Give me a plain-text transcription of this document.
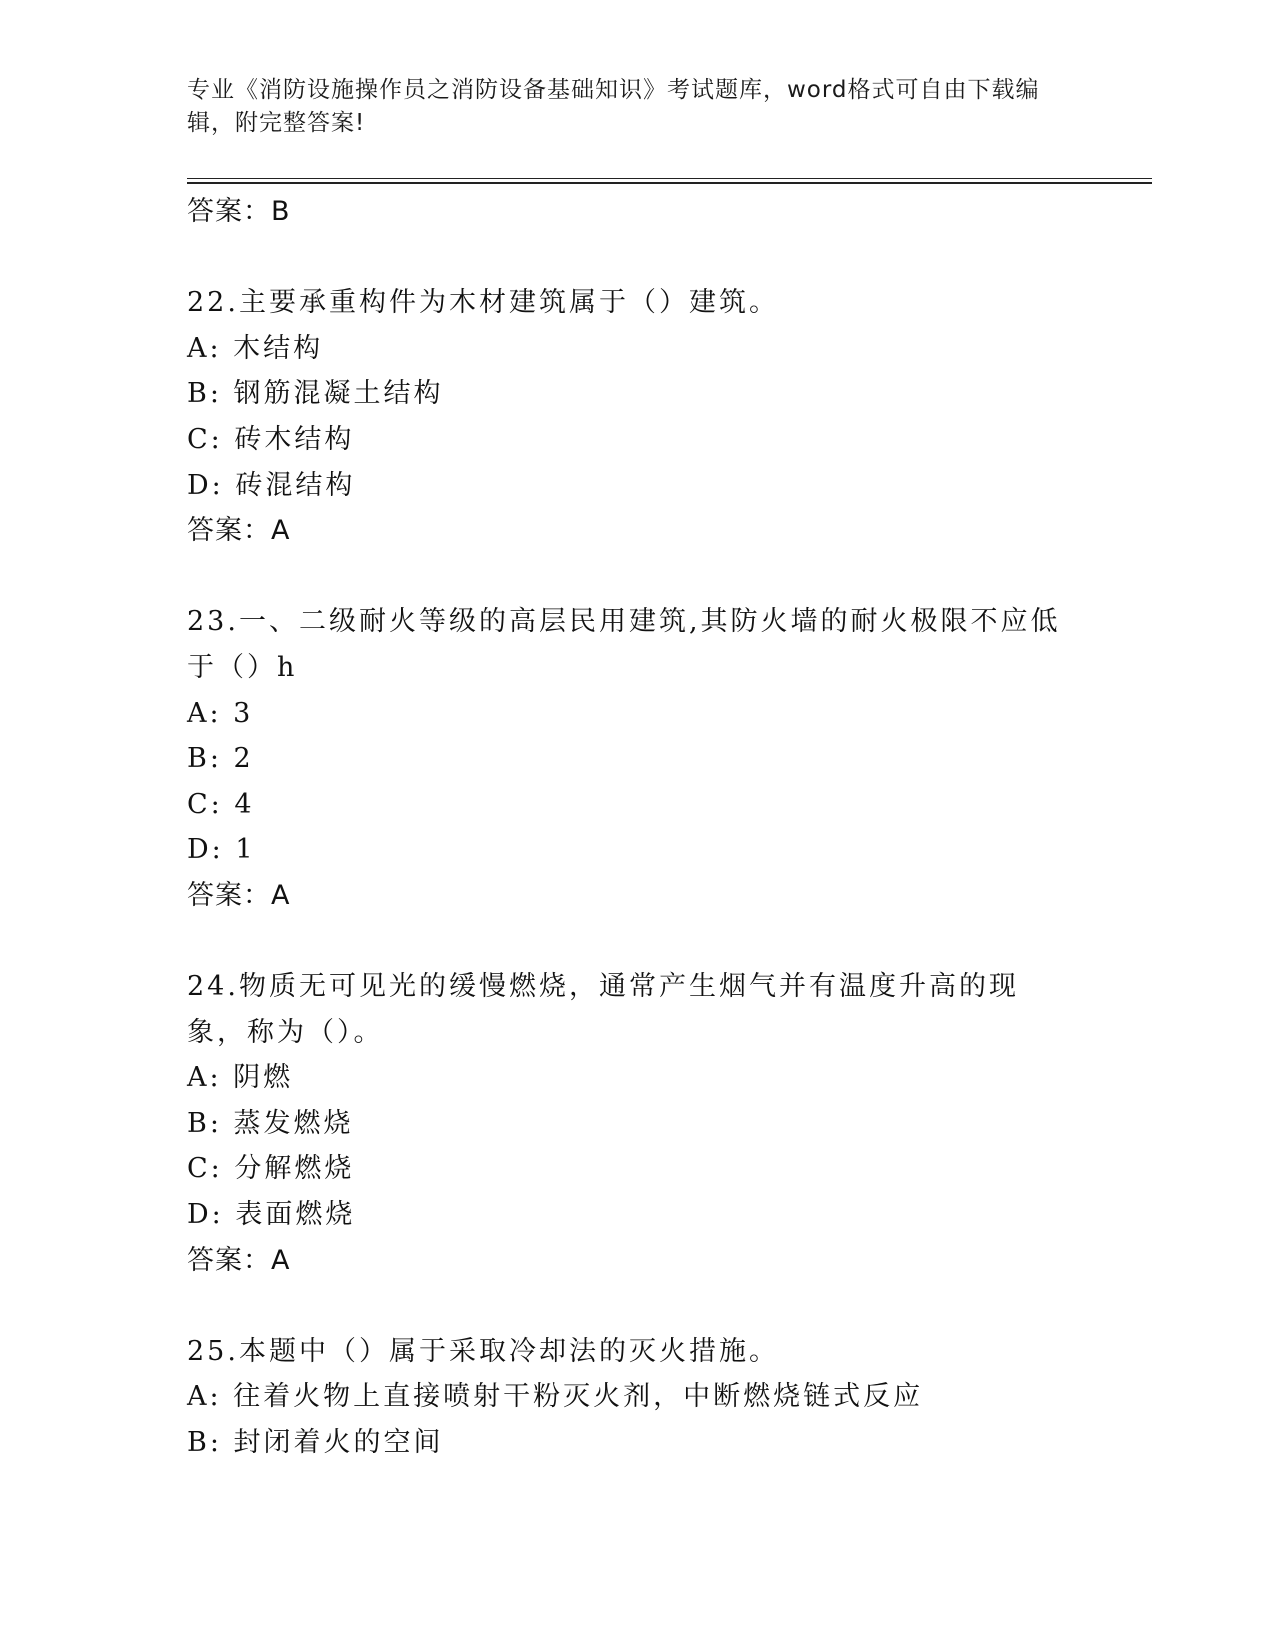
专业《消防设施操作员之消防设备基础知识》考试题库，word格式可自由下载编辑，附完整答案!
答案：B
22.主要承重构件为木材建筑属于（）建筑。
A: 木结构
B: 钢筋混凝土结构
C: 砖木结构
D: 砖混结构
答案：A
23.一、二级耐火等级的高层民用建筑,其防火墙的耐火极限不应低于（）h
A: 3
B: 2
C: 4
D: 1
答案：A
24.物质无可见光的缓慢燃烧，通常产生烟气并有温度升高的现象，称为（）。
A: 阴燃
B: 蒸发燃烧
C: 分解燃烧
D: 表面燃烧
答案：A
25.本题中（）属于采取冷却法的灭火措施。
A: 往着火物上直接喷射干粉灭火剂，中断燃烧链式反应
B: 封闭着火的空间
